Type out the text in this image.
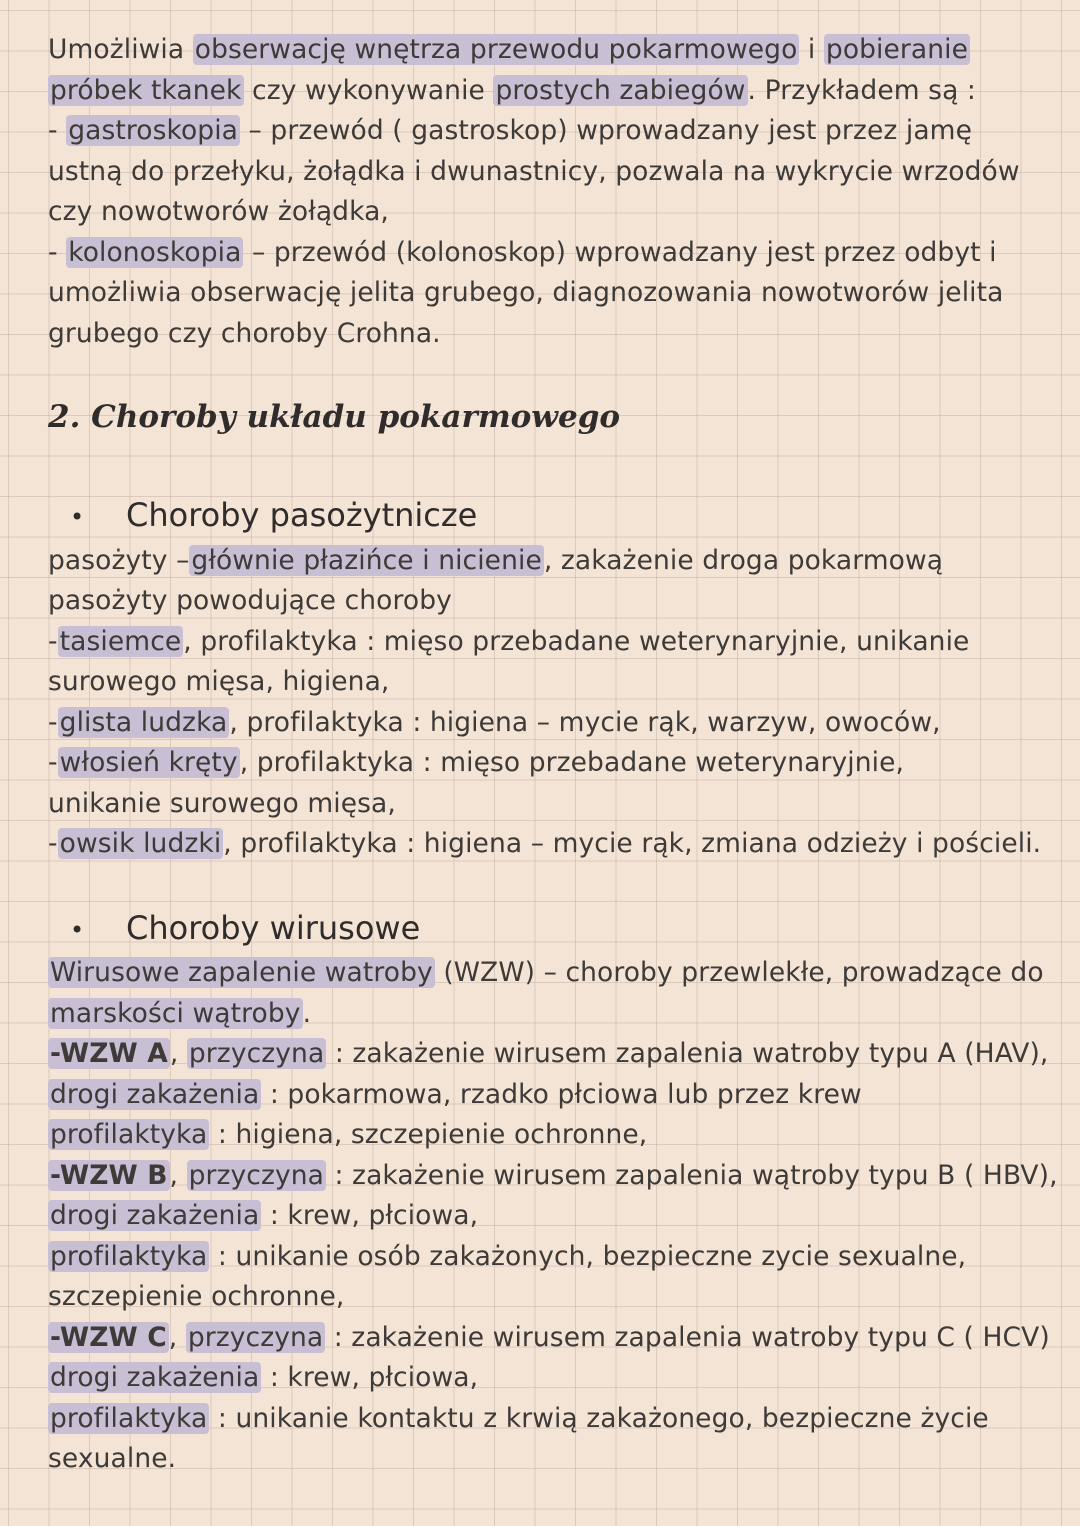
Umożliwia obserwację wnętrza przewodu pokarmowego i pobieranie
próbek tkanek czy wykonywanie prostych zabiegów. Przykładem są :
- gastroskopia – przewód ( gastroskop) wprowadzany jest przez jamę
ustną do przełyku, żołądka i dwunastnicy, pozwala na wykrycie wrzodów
czy nowotworów żołądka,
- kolonoskopia – przewód (kolonoskop) wprowadzany jest przez odbyt i
umożliwia obserwację jelita grubego, diagnozowania nowotworów jelita
grubego czy choroby Crohna.
2. Choroby układu pokarmowego
• Choroby pasożytnicze
pasożyty –głównie płazińce i nicienie, zakażenie droga pokarmową
pasożyty powodujące choroby
-tasiemce, profilaktyka : mięso przebadane weterynaryjnie, unikanie
surowego mięsa, higiena,
-glista ludzka, profilaktyka : higiena – mycie rąk, warzyw, owoców,
-włosień kręty, profilaktyka : mięso przebadane weterynaryjnie,
unikanie surowego mięsa,
-owsik ludzki, profilaktyka : higiena – mycie rąk, zmiana odzieży i pościeli.
• Choroby wirusowe
Wirusowe zapalenie watroby (WZW) – choroby przewlekłe, prowadzące do
marskości wątroby.
-WZW A, przyczyna : zakażenie wirusem zapalenia watroby typu A (HAV),
drogi zakażenia : pokarmowa, rzadko płciowa lub przez krew
profilaktyka : higiena, szczepienie ochronne,
-WZW B, przyczyna : zakażenie wirusem zapalenia wątroby typu B ( HBV),
drogi zakażenia : krew, płciowa,
profilaktyka : unikanie osób zakażonych, bezpieczne zycie sexualne,
szczepienie ochronne,
-WZW C, przyczyna : zakażenie wirusem zapalenia watroby typu C ( HCV)
drogi zakażenia : krew, płciowa,
profilaktyka : unikanie kontaktu z krwią zakażonego, bezpieczne życie
sexualne.
